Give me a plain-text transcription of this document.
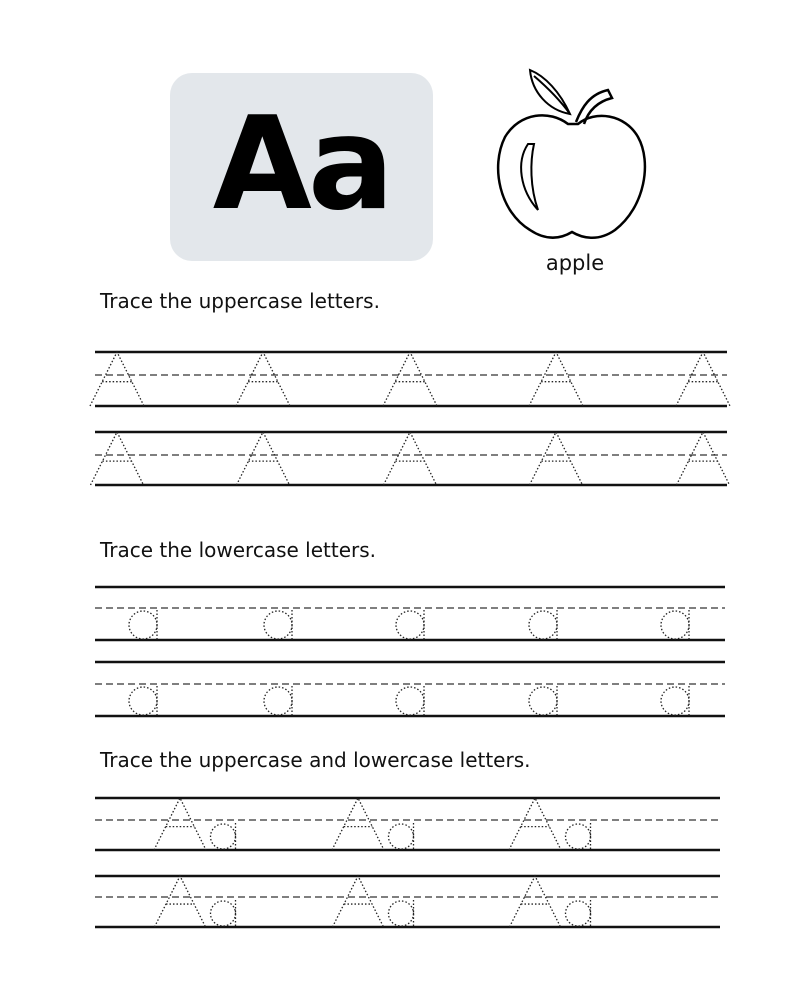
Aa
apple
Trace the uppercase letters.
Trace the lowercase letters.
Trace the uppercase and lowercase letters.
